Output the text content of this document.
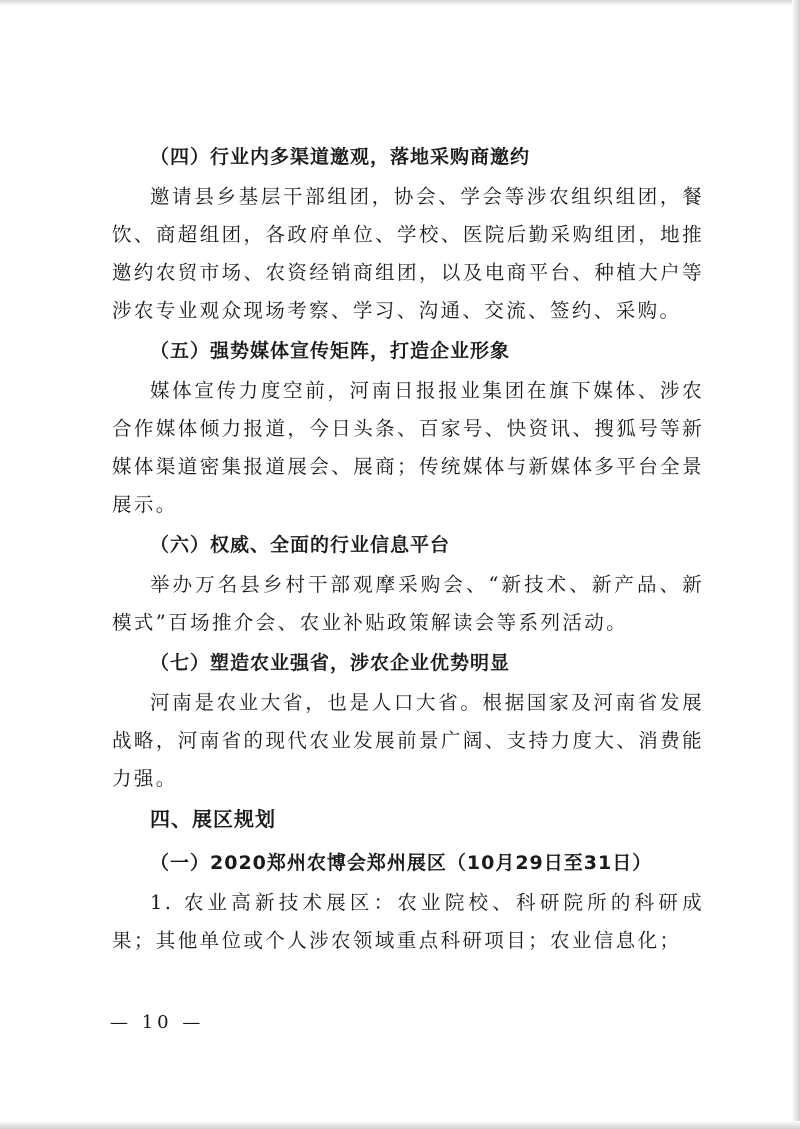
（四）行业内多渠道邀观，落地采购商邀约
邀请县乡基层干部组团，协会、学会等涉农组织组团，餐饮、商超组团，各政府单位、学校、医院后勤采购组团，地推邀约农贸市场、农资经销商组团，以及电商平台、种植大户等涉农专业观众现场考察、学习、沟通、交流、签约、采购。
（五）强势媒体宣传矩阵，打造企业形象
媒体宣传力度空前，河南日报报业集团在旗下媒体、涉农合作媒体倾力报道，今日头条、百家号、快资讯、搜狐号等新媒体渠道密集报道展会、展商；传统媒体与新媒体多平台全景展示。
（六）权威、全面的行业信息平台
举办万名县乡村干部观摩采购会、“新技术、新产品、新模式”百场推介会、农业补贴政策解读会等系列活动。
（七）塑造农业强省，涉农企业优势明显
河南是农业大省，也是人口大省。根据国家及河南省发展战略，河南省的现代农业发展前景广阔、支持力度大、消费能力强。
四、展区规划
（一）2020郑州农博会郑州展区（10月29日至31日）
1. 农业高新技术展区：农业院校、科研院所的科研成果；其他单位或个人涉农领域重点科研项目；农业信息化；
— 10 —
